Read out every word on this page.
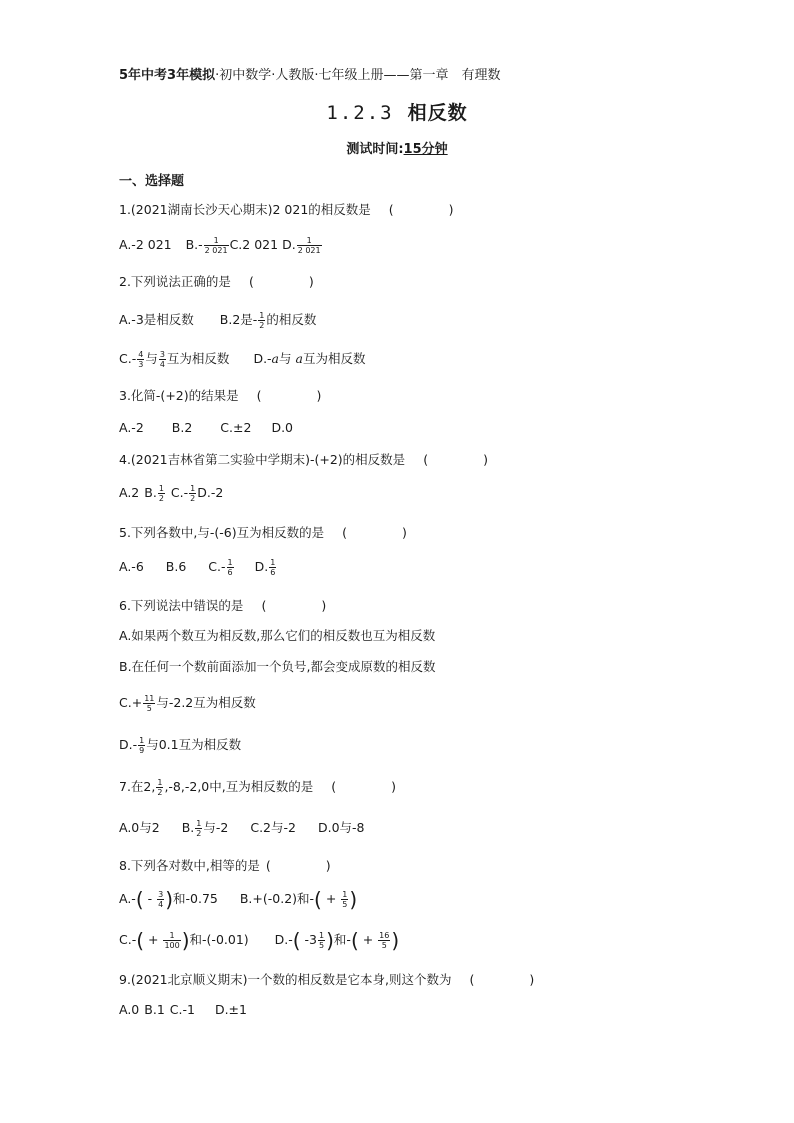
5年中考3年模拟·初中数学·人教版·七年级上册——第一章　有理数
1.2.3 相反数
测试时间:15分钟
一、选择题
1.(2021湖南长沙天心期末)2 021的相反数是 (　　)
A.-2 021 $B.- \frac{1}{2 021} C.2$ 021 D. $\frac{1}{2 021}$
2.下列说法正确的是 (　　)
A.-3是相反数 B.2是- $\frac{1}{2}$ 的相反数
$C.- \frac{4}{3}$ 与 $\frac{3}{4}$ 互为相反数 D.-a与 a互为相反数
3.化简-(+2)的结果是 (　　)
A.-2 B.2 C.±2 D.0
4.(2021吉林省第二实验中学期末)-(+2)的相反数是 (　　)
A.2 B. $\frac{1}{2} C.- \frac{1}{2} D.-2$
5.下列各数中,与-(-6)互为相反数的是 (　　)
A.-6 B.6 $C.- \frac{1}{6} D$. $\frac{1}{6}$
6.下列说法中错误的是 (　　)
A.如果两个数互为相反数,那么它们的相反数也互为相反数
B.在任何一个数前面添加一个负号,都会变成原数的相反数
$C.+ \frac{11}{5}$ 与-2.2互为相反数
$D.- \frac{1}{9}$ 与0.1互为相反数
7.在2, $\frac{1}{2} ,-8,-2,0$中,互为相反数的是 (　　)
A.0与2 B. $\frac{1}{2}$ 与-2 C.2与-2 D.0与-8
8.下列各对数中,相等的是 (　　)
$A.-( - \frac{3}{4}$ )和-0.75 B.+(-0.2)和-( + $\frac{1}{5}$ )
$C.-( + \frac{1}{100}$ )和-(-0.01) D.-( $-3 \frac{1}{5}$ )和-( + $\frac{16}{5}$ )
9.(2021北京顺义期末)一个数的相反数是它本身,则这个数为 (　　)
A.0 B.1 C.-1 D.±1
